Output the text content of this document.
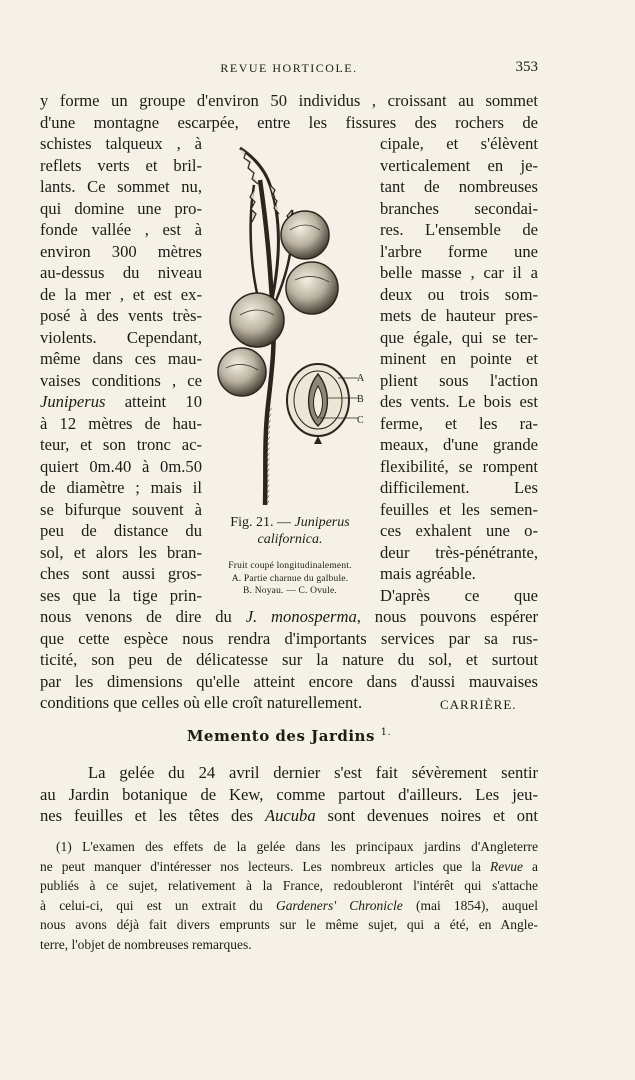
REVUE HORTICOLE.	353
y forme un groupe d'environ 50 individus , croissant au sommet
d'une montagne escarpée, entre les fissures des rochers de
schistes talqueux , à
reflets verts et bril-
lants. Ce sommet nu,
qui domine une pro-
fonde vallée , est à
environ 300 mètres
au-dessus du niveau
de la mer , et est ex-
posé à des vents très-
violents. Cependant,
même dans ces mau-
vaises conditions , ce
Juniperus atteint 10
à 12 mètres de hau-
teur, et son tronc ac-
quiert 0m.40 à 0m.50
de diamètre ; mais il
se bifurque souvent à
peu de distance du
sol, et alors les bran-
ches sont aussi gros-
ses que la tige prin-
cipale, et s'élèvent
verticalement en je-
tant de nombreuses
branches secondai-
res. L'ensemble de
l'arbre forme une
belle masse , car il a
deux ou trois som-
mets de hauteur pres-
que égale, qui se ter-
minent en pointe et
plient sous l'action
des vents. Le bois est
ferme, et les ra-
meaux, d'une grande
flexibilité, se rompent
difficilement. Les
feuilles et les semen-
ces exhalent une o-
deur très-pénétrante,
mais agréable.
D'après ce que
A
B
C
Fig. 21. — Juniperus
californica.
Fruit coupé longitudinalement.
A. Partie charnue du galbule.
B. Noyau. — C. Ovule.
nous venons de dire du J. monosperma, nous pouvons espérer
que cette espèce nous rendra d'importants services par sa rus-
ticité, son peu de délicatesse sur la nature du sol, et surtout
par les dimensions qu'elle atteint encore dans d'aussi mauvaises
conditions que celles où elle croît naturellement.	CARRIÈRE.
Memento des Jardins $^{1.}$
La gelée du 24 avril dernier s'est fait sévèrement sentir
au Jardin botanique de Kew, comme partout d'ailleurs. Les jeu-
nes feuilles et les têtes des Aucuba sont devenues noires et ont
(1) L'examen des effets de la gelée dans les principaux jardins d'Angleterre
ne peut manquer d'intéresser nos lecteurs. Les nombreux articles que la Revue a
publiés à ce sujet, relativement à la France, redoubleront l'intérêt qui s'attache
à celui-ci, qui est un extrait du Gardeners' Chronicle (mai 1854), auquel
nous avons déjà fait divers emprunts sur le même sujet, qui a été, en Angle-
terre, l'objet de nombreuses remarques.
